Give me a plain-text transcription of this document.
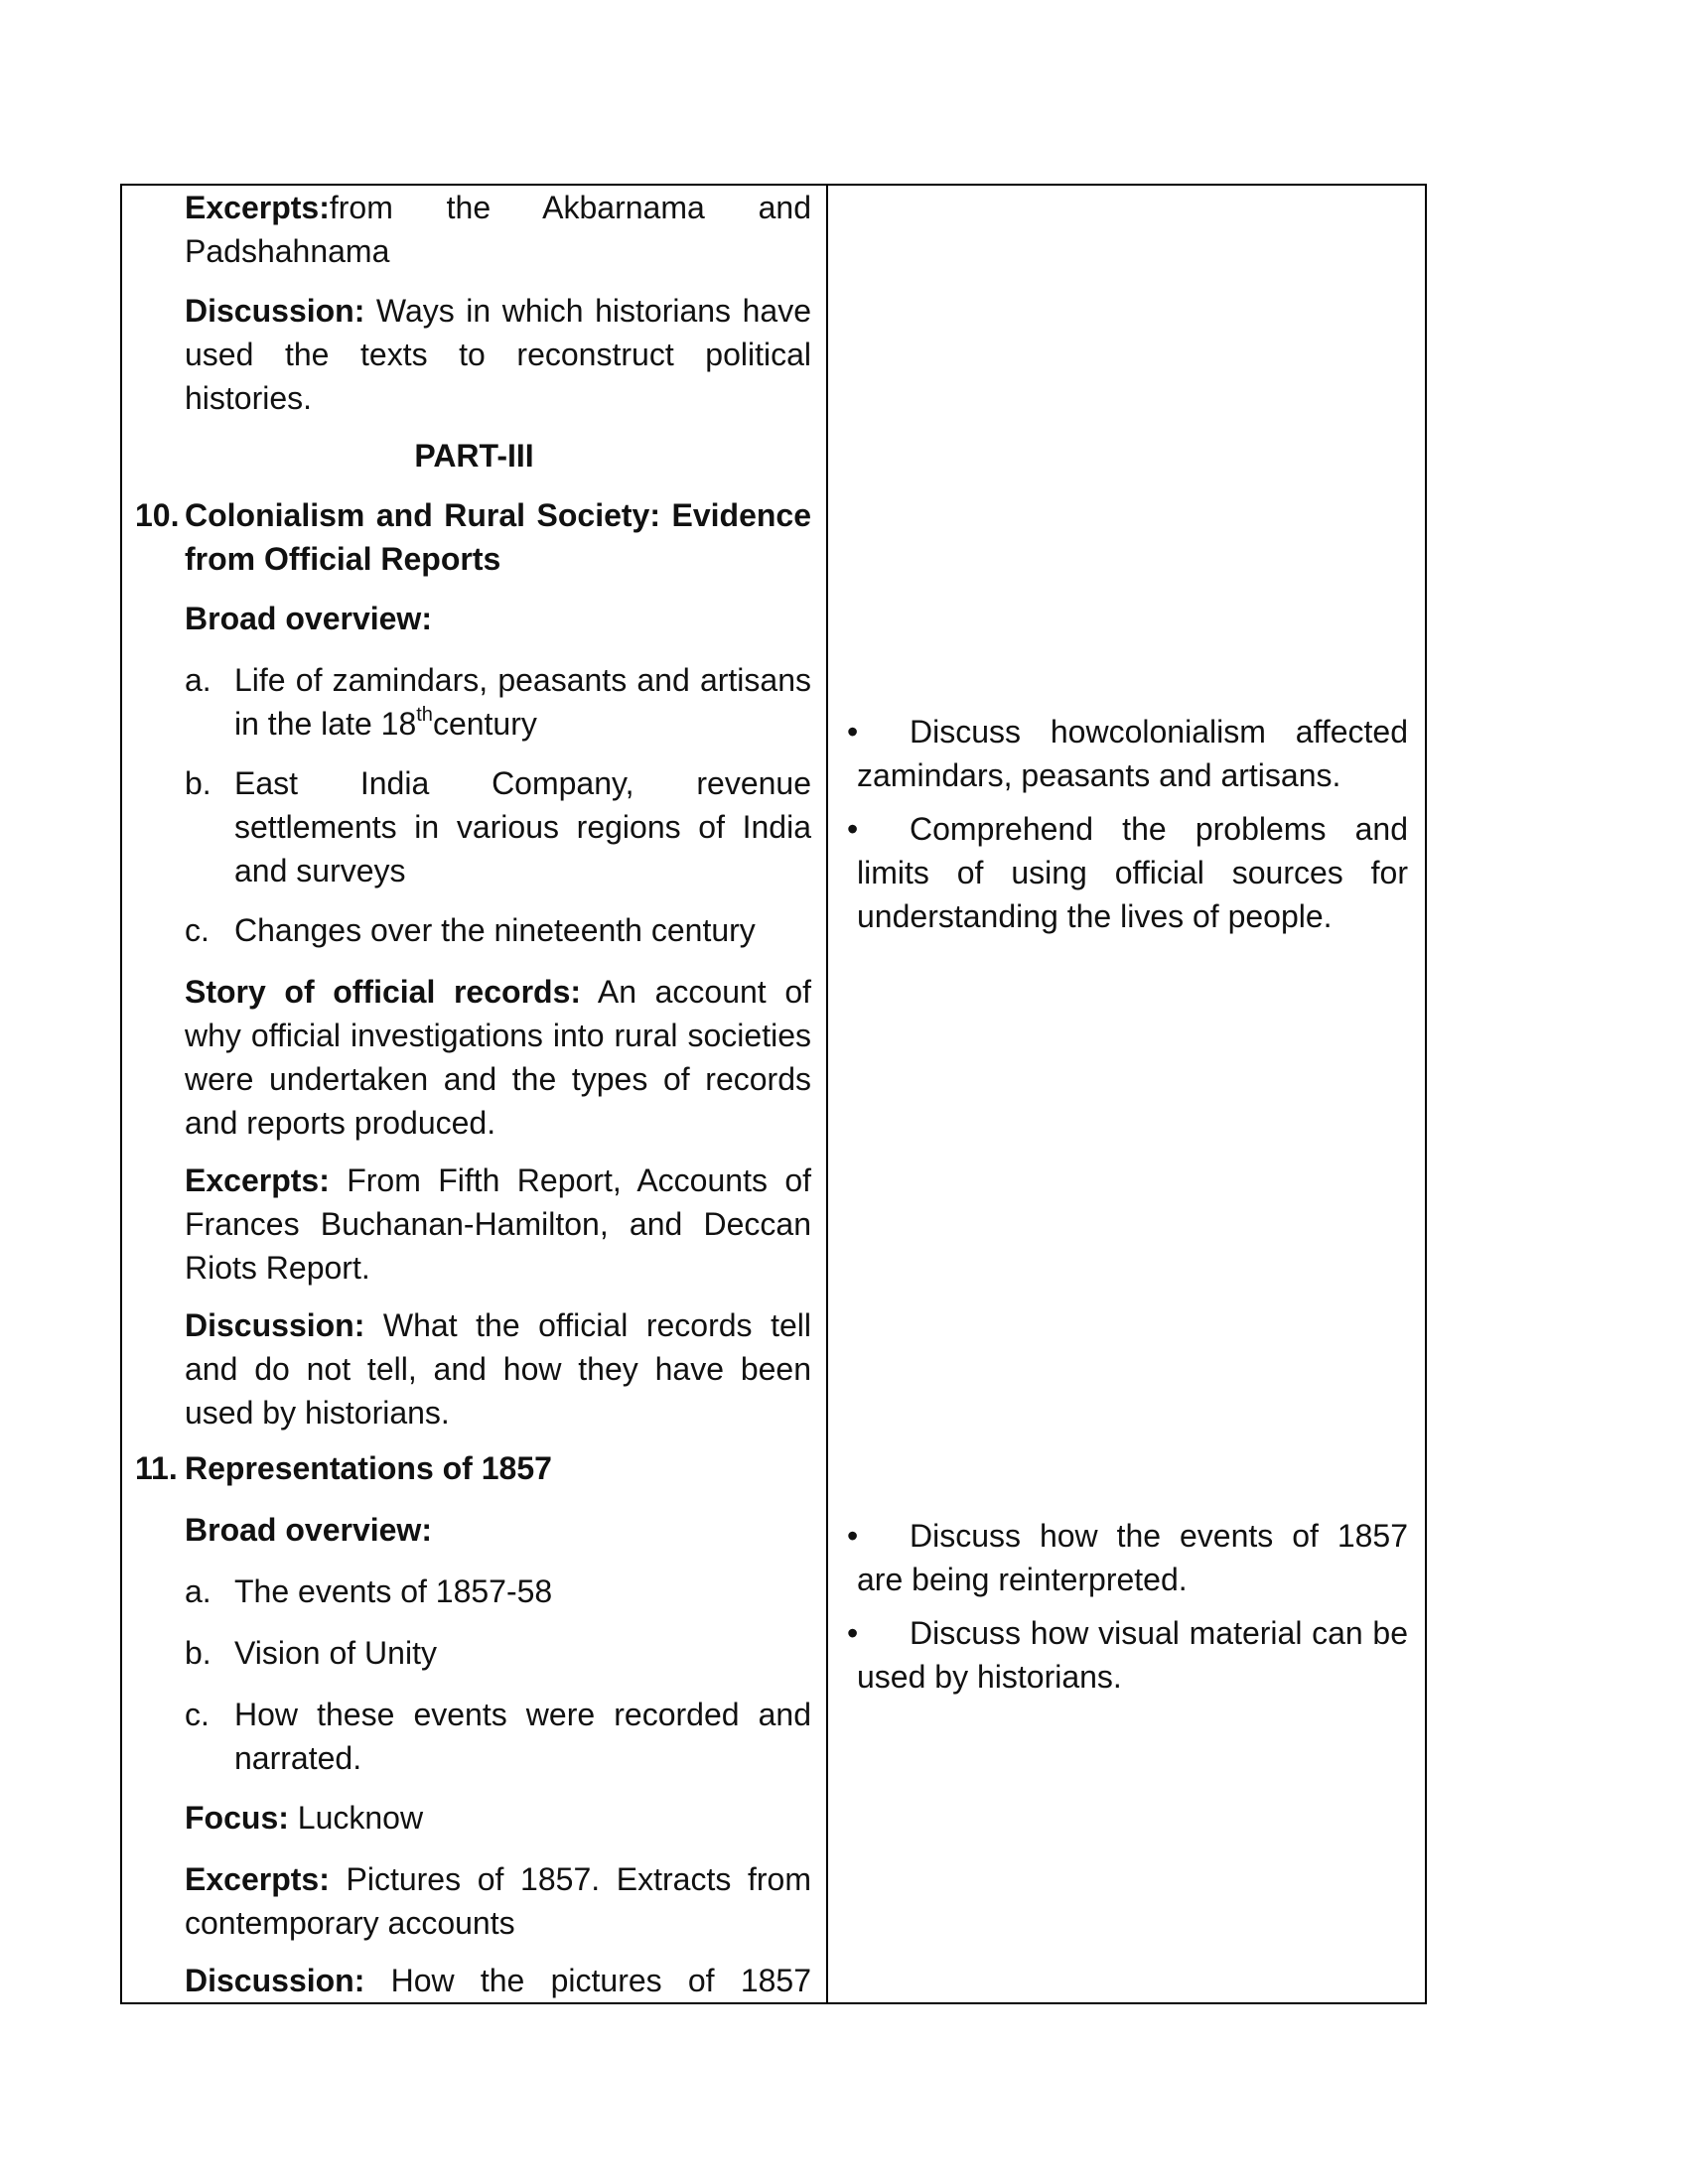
Excerpts:from the Akbarnama and Padshahnama

Discussion: Ways in which historians have used the texts to reconstruct political histories.

PART-III

10. Colonialism and Rural Society: Evidence from Official Reports

Broad overview:

a. Life of zamindars, peasants and artisans in the late 18thcentury
b. East India Company, revenue settlements in various regions of India and surveys
c. Changes over the nineteenth century

Story of official records: An account of why official investigations into rural societies were undertaken and the types of records and reports produced.

Excerpts: From Fifth Report, Accounts of Frances Buchanan-Hamilton, and Deccan Riots Report.

Discussion: What the official records tell and do not tell, and how they have been used by historians.

11. Representations of 1857

Broad overview:

a. The events of 1857-58
b. Vision of Unity
c. How these events were recorded and narrated.

Focus: Lucknow

Excerpts: Pictures of 1857. Extracts from contemporary accounts

Discussion: How the pictures of 1857

•	Discuss howcolonialism affected zamindars, peasants and artisans.
•	Comprehend the problems and limits of using official sources for understanding the lives of people.
•	Discuss how the events of 1857 are being reinterpreted.
•	Discuss how visual material can be used by historians.
